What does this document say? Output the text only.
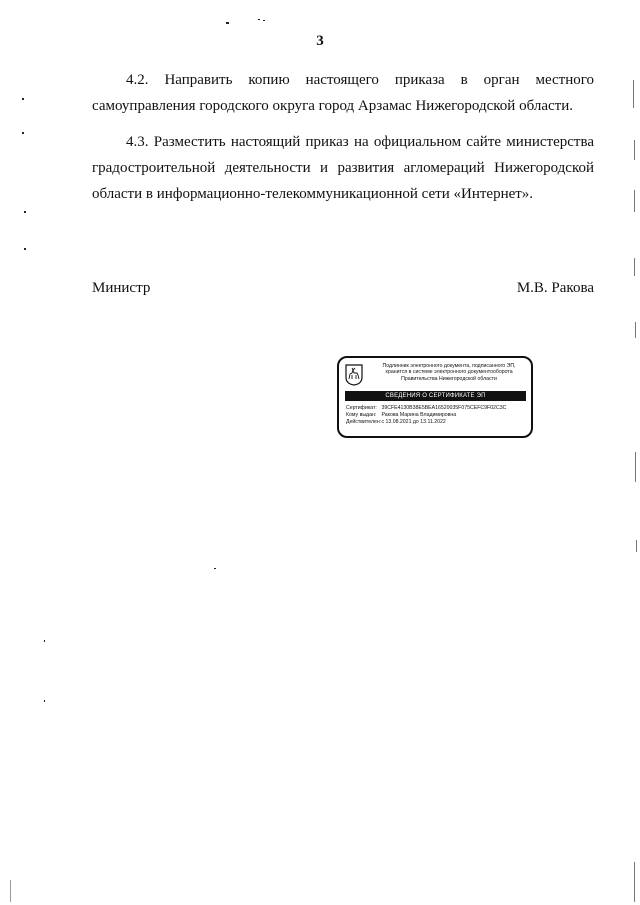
3

4.2. Направить копию настоящего приказа в орган местного
самоуправления городского округа город Арзамас Нижегородской области.

4.3. Разместить настоящий приказ на официальном сайте министерства
градостроительной деятельности и развития агломераций Нижегородской
области в информационно-телекоммуникационной сети «Интернет».

Министр	М.В. Ракова
Подлинник электронного документа, подписанного ЭП,
хранится в системе электронного документооборота
Правительства Нижегородской области
СВЕДЕНИЯ О СЕРТИФИКАТЕ ЭП
Сертификат: 39CFE4130B38E5BEA16520035F075CEFC9F02C3C
Кому выдан: Ракова Марина Владимировна
Действителен: с 13.08.2021 до 13.11.2022
